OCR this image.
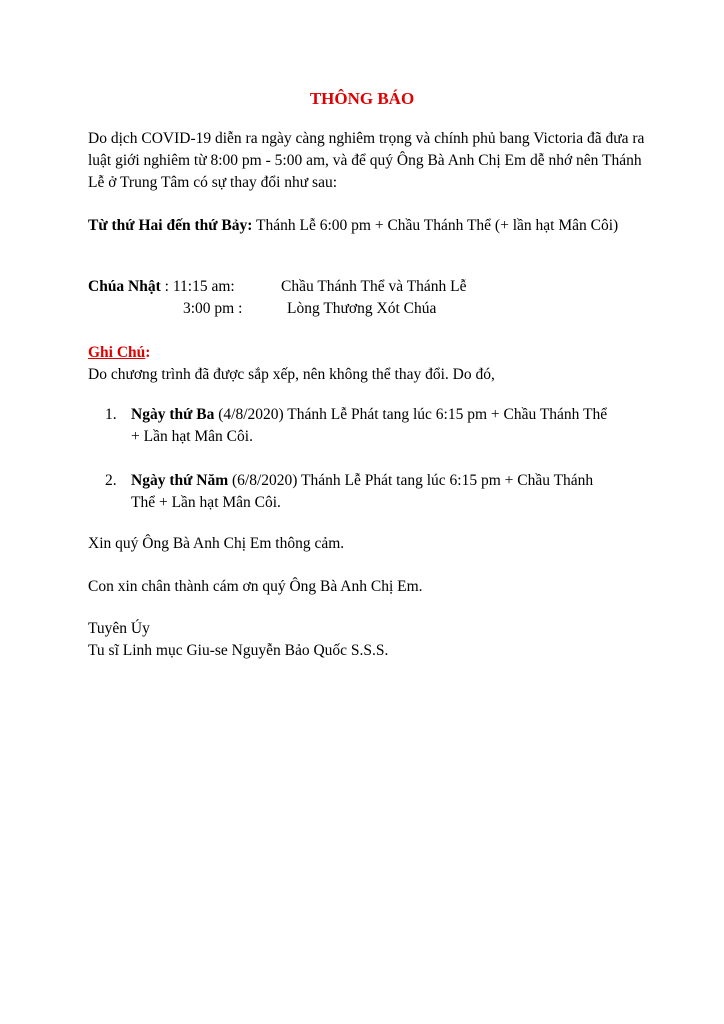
THÔNG BÁO
Do dịch COVID-19 diễn ra ngày càng nghiêm trọng và chính phủ bang Victoria đã đưa ra luật giới nghiêm từ 8:00 pm - 5:00 am, và để quý Ông Bà Anh Chị Em dễ nhớ nên Thánh Lễ ở Trung Tâm có sự thay đổi như sau:
Từ thứ Hai đến thứ Bảy: Thánh Lễ 6:00 pm + Chầu Thánh Thể (+ lần hạt Mân Côi)
Chúa Nhật : 11:15 am:	Chầu Thánh Thể và Thánh Lễ
3:00 pm :	Lòng Thương Xót Chúa
Ghi Chú:
Do chương trình đã được sắp xếp, nên không thể thay đổi. Do đó,
1. Ngày thứ Ba (4/8/2020) Thánh Lễ Phát tang lúc 6:15 pm + Chầu Thánh Thể + Lần hạt Mân Côi.
2. Ngày thứ Năm (6/8/2020) Thánh Lễ Phát tang lúc 6:15 pm + Chầu Thánh Thể + Lần hạt Mân Côi.
Xin quý Ông Bà Anh Chị Em thông cảm.
Con xin chân thành cám ơn quý Ông Bà Anh Chị Em.
Tuyên Úy
Tu sĩ Linh mục Giu-se Nguyễn Bảo Quốc S.S.S.
